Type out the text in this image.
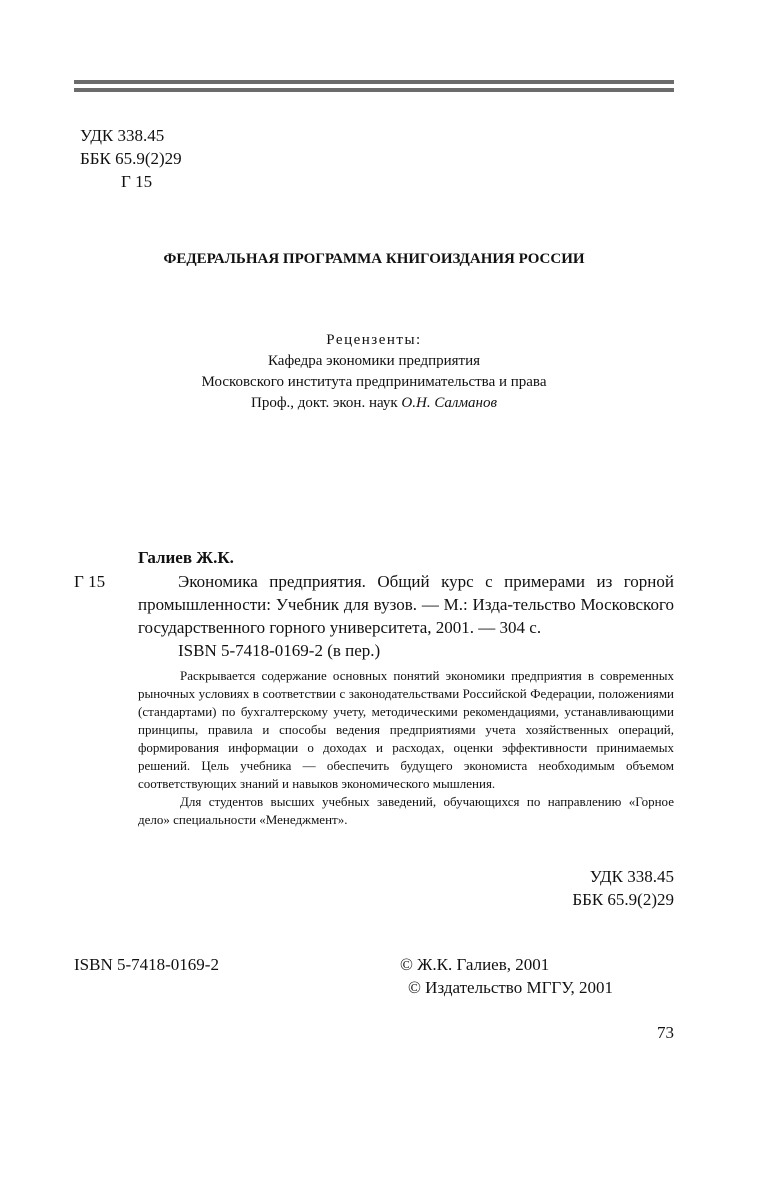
УДК 338.45
ББК 65.9(2)29
Г 15
ФЕДЕРАЛЬНАЯ ПРОГРАММА КНИГОИЗДАНИЯ РОССИИ
Рецензенты:
Кафедра экономики предприятия
Московского института предпринимательства и права
Проф., докт. экон. наук О.Н. Салманов
Галиев Ж.К.
Г 15	Экономика предприятия. Общий курс с примерами из горной промышленности: Учебник для вузов. — М.: Изда-тельство Московского государственного горного университета, 2001. — 304 с.
ISBN 5-7418-0169-2 (в пер.)

Раскрывается содержание основных понятий экономики предприятия в современных рыночных условиях в соответствии с законодательствами Российской Федерации, положениями (стандартами) по бухгалтерскому учету, методическими рекомендациями, устанавливающими принципы, правила и способы ведения предприятиями учета хозяйственных операций, формирования информации о доходах и расходах, оценки эффективности принимаемых решений. Цель учебника — обеспечить будущего экономиста необходимым объемом соответствующих знаний и навыков экономического мышления.

Для студентов высших учебных заведений, обучающихся по направлению «Горное дело» специальности «Менеджмент».

УДК 338.45
ББК 65.9(2)29
ISBN 5-7418-0169-2	© Ж.К. Галиев, 2001
© Издательство МГГУ, 2001
73
